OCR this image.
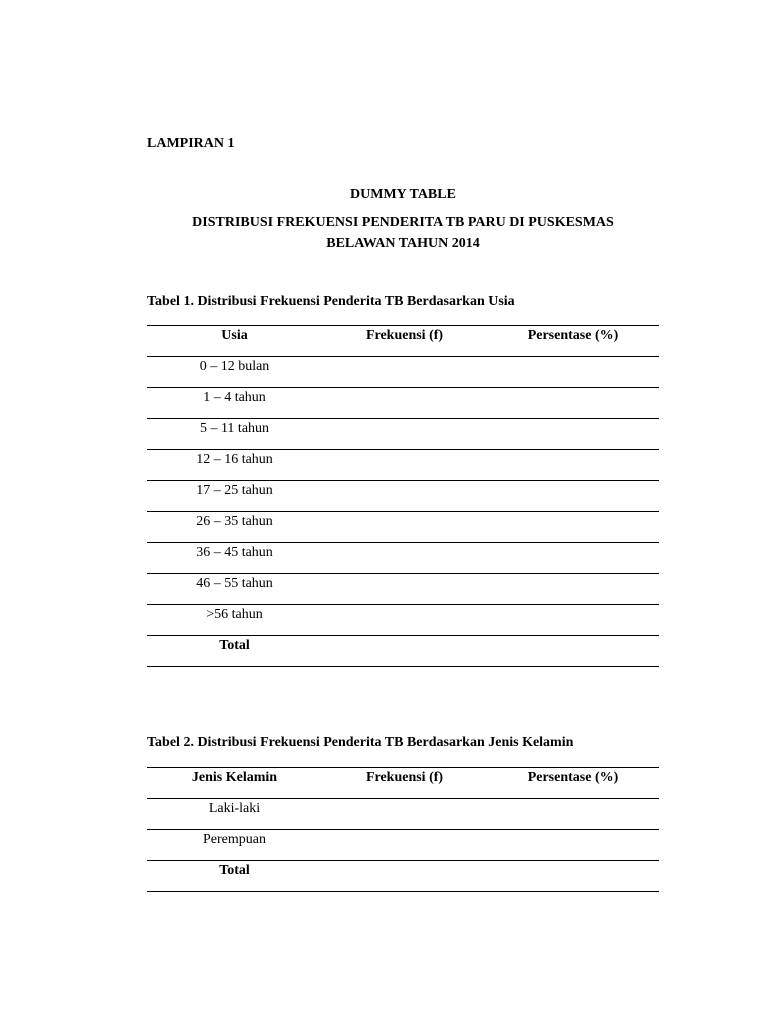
LAMPIRAN 1
DUMMY TABLE
DISTRIBUSI FREKUENSI PENDERITA TB PARU DI PUSKESMAS
BELAWAN TAHUN 2014
Tabel 1. Distribusi Frekuensi Penderita TB Berdasarkan Usia
Usia	Frekuensi (f)	Persentase (%)
0 – 12 bulan		
1 – 4 tahun		
5 – 11 tahun		
12 – 16 tahun		
17 – 25 tahun		
26 – 35 tahun		
36 – 45 tahun		
46 – 55 tahun		
>56 tahun		
Total		
Tabel 2. Distribusi Frekuensi Penderita TB Berdasarkan Jenis Kelamin
Jenis Kelamin	Frekuensi (f)	Persentase (%)
Laki-laki		
Perempuan		
Total		
